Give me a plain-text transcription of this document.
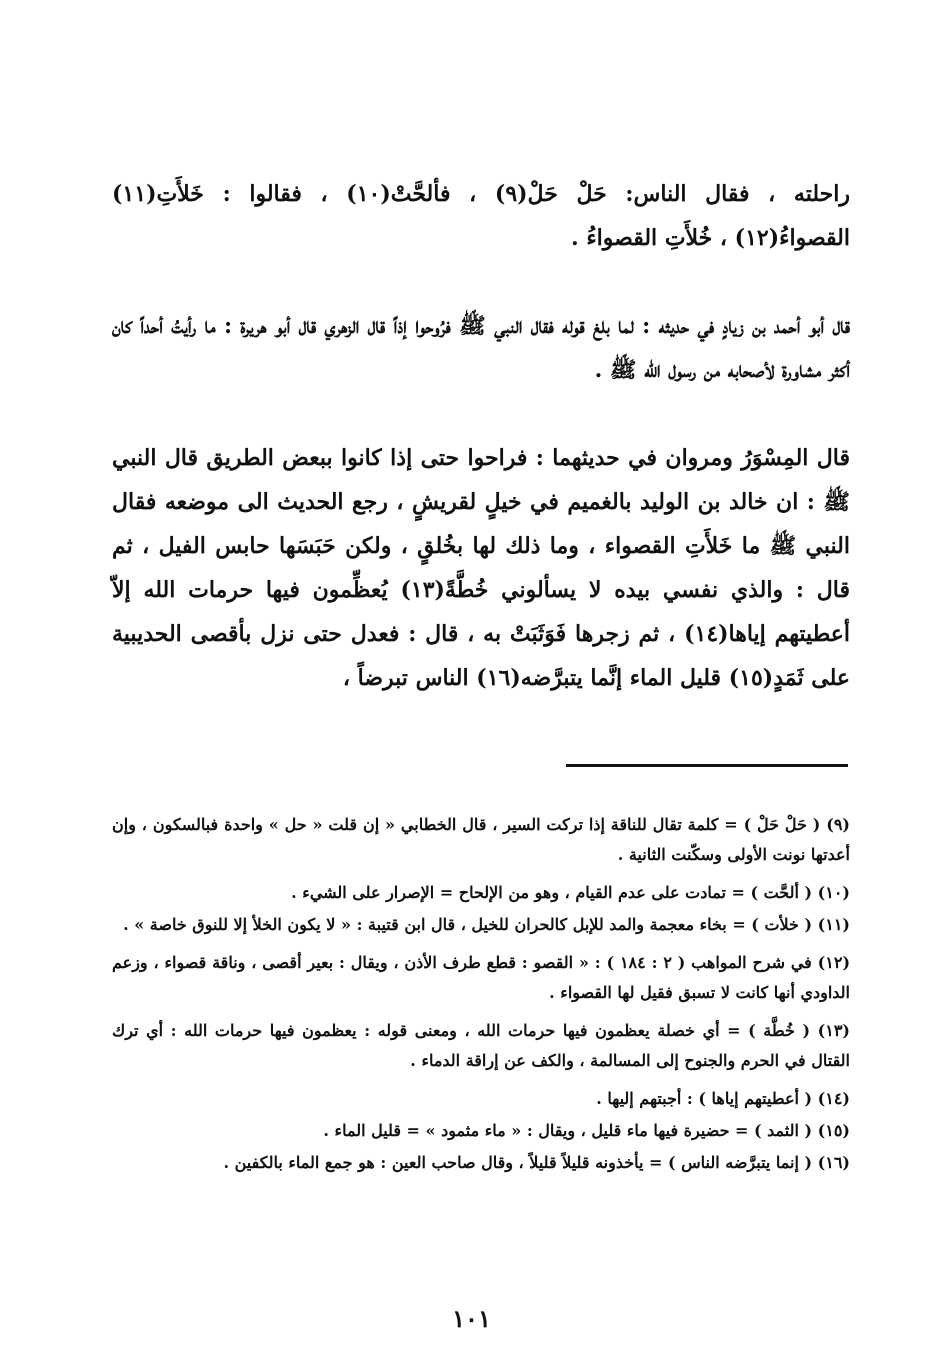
راحلته ، فقال الناس: حَلْ حَلْ(٩) ، فألحَّتْ(١٠) ، فقالوا : خَلأَتِ(١١) القصواءُ(١٢) ، خُلأَتِ القصواءُ .

قال أبو أحمد بن زيادٍ في حديثه : لما بلغ قوله فقال النبي ﷺ فرُوحوا إذاً قال الزهري قال أبو هريرة : ما رأيتُ أحداً كان أكثر مشاورة لأصحابه من رسول الله ﷺ .

قال المِسْوَرُ ومروان في حديثهما : فراحوا حتى إذا كانوا ببعض الطريق قال النبي ﷺ : ان خالد بن الوليد بالغميم في خيلٍ لقريشٍ ، رجع الحديث الى موضعه فقال النبي ﷺ ما خَلأَتِ القصواء ، وما ذلك لها بخُلقٍ ، ولكن حَبَسَها حابس الفيل ، ثم قال : والذي نفسي بيده لا يسألوني خُطَّةً(١٣) يُعظِّمون فيها حرمات الله إلاّ أعطيتهم إياها(١٤) ، ثم زجرها فَوَثَبَتْ به ، قال : فعدل حتى نزل بأقصى الحديبية على ثَمَدٍ(١٥) قليل الماء إنَّما يتبرَّضه(١٦) الناس تبرضاً ،

(٩) ( حَلْ حَلْ ) = كلمة تقال للناقة إذا تركت السير ، قال الخطابي « إن قلت « حل » واحدة فبالسكون ، وإن أعدتها نونت الأولى وسكّنت الثانية .

(١٠) ( ألحَّت ) = تمادت على عدم القيام ، وهو من الإلحاح = الإصرار على الشيء .

(١١) ( خلأت ) = بخاء معجمة والمد للإبل كالحران للخيل ، قال ابن قتيبة : « لا يكون الخلأ إلا للنوق خاصة » .

(١٢) في شرح المواهب ( ٢ : ١٨٤ ) : « القصو : قطع طرف الأذن ، ويقال : بعير أقصى ، وناقة قصواء ، وزعم الداودي أنها كانت لا تسبق فقيل لها القصواء .

(١٣) ( خُطَّة ) = أي خصلة يعظمون فيها حرمات الله ، ومعنى قوله : يعظمون فيها حرمات الله : أي ترك القتال في الحرم والجنوح إلى المسالمة ، والكف عن إراقة الدماء .

(١٤) ( أعطيتهم إياها ) : أجبتهم إليها .

(١٥) ( الثمد ) = حضيرة فيها ماء قليل ، ويقال : « ماء مثمود » = قليل الماء .

(١٦) ( إنما يتبرَّضه الناس ) = يأخذونه قليلاً قليلاً ، وقال صاحب العين : هو جمع الماء بالكفين .

١٠١
